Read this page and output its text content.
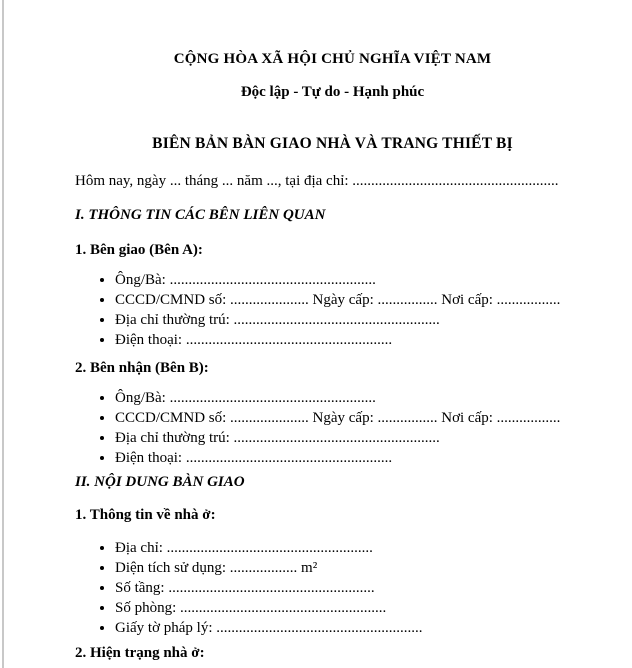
CỘNG HÒA XÃ HỘI CHỦ NGHĨA VIỆT NAM
Độc lập - Tự do - Hạnh phúc
BIÊN BẢN BÀN GIAO NHÀ VÀ TRANG THIẾT BỊ
Hôm nay, ngày ... tháng ... năm ..., tại địa chỉ: .......................................................
I. THÔNG TIN CÁC BÊN LIÊN QUAN
1. Bên giao (Bên A):
• Ông/Bà: .......................................................
• CCCD/CMND số: ..................... Ngày cấp: ................ Nơi cấp: .................
• Địa chỉ thường trú: .......................................................
• Điện thoại: .......................................................
2. Bên nhận (Bên B):
• Ông/Bà: .......................................................
• CCCD/CMND số: ..................... Ngày cấp: ................ Nơi cấp: .................
• Địa chỉ thường trú: .......................................................
• Điện thoại: .......................................................
II. NỘI DUNG BÀN GIAO
1. Thông tin về nhà ở:
• Địa chỉ: .......................................................
• Diện tích sử dụng: .................. m²
• Số tầng: .......................................................
• Số phòng: .......................................................
• Giấy tờ pháp lý: .......................................................
2. Hiện trạng nhà ở:
